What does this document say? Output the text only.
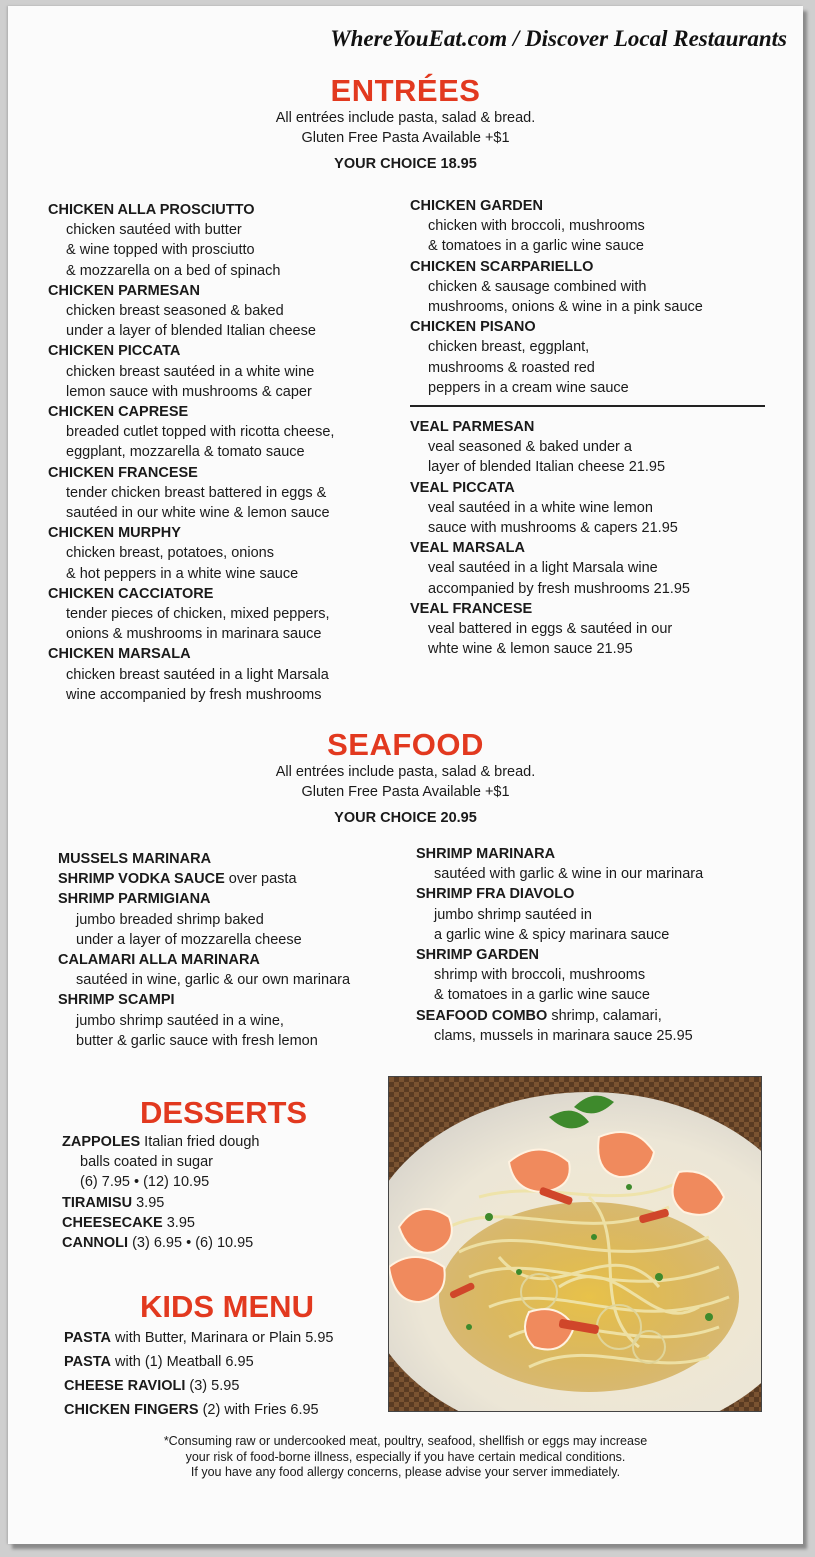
WhereYouEat.com / Discover Local Restaurants
ENTRÉES
All entrées include pasta, salad & bread.
Gluten Free Pasta Available +$1
YOUR CHOICE 18.95
CHICKEN ALLA PROSCIUTTO
chicken sautéed with butter
& wine topped with prosciutto
& mozzarella on a bed of spinach
CHICKEN PARMESAN
chicken breast seasoned & baked
under a layer of blended Italian cheese
CHICKEN PICCATA
chicken breast sautéed in a white wine
lemon sauce with mushrooms & caper
CHICKEN CAPRESE
breaded cutlet topped with ricotta cheese,
eggplant, mozzarella & tomato sauce
CHICKEN FRANCESE
tender chicken breast battered in eggs &
sautéed in our white wine & lemon sauce
CHICKEN MURPHY
chicken breast, potatoes, onions
& hot peppers in a white wine sauce
CHICKEN CACCIATORE
tender pieces of chicken, mixed peppers,
onions & mushrooms in marinara sauce
CHICKEN MARSALA
chicken breast sautéed in a light Marsala
wine accompanied by fresh mushrooms
CHICKEN GARDEN
chicken with broccoli, mushrooms
& tomatoes in a garlic wine sauce
CHICKEN SCARPARIELLO
chicken & sausage combined with
mushrooms, onions & wine in a pink sauce
CHICKEN PISANO
chicken breast, eggplant,
mushrooms & roasted red
peppers in a cream wine sauce
VEAL PARMESAN
veal seasoned & baked under a
layer of blended Italian cheese 21.95
VEAL PICCATA
veal sautéed in a white wine lemon
sauce with mushrooms & capers 21.95
VEAL MARSALA
veal sautéed in a light Marsala wine
accompanied by fresh mushrooms 21.95
VEAL FRANCESE
veal battered in eggs & sautéed in our
whte wine & lemon sauce 21.95
SEAFOOD
All entrées include pasta, salad & bread.
Gluten Free Pasta Available +$1
YOUR CHOICE 20.95
MUSSELS MARINARA
SHRIMP VODKA SAUCE over pasta
SHRIMP PARMIGIANA
jumbo breaded shrimp baked
under a layer of mozzarella cheese
CALAMARI ALLA MARINARA
sautéed in wine, garlic & our own marinara
SHRIMP SCAMPI
jumbo shrimp sautéed in a wine,
butter & garlic sauce with fresh lemon
SHRIMP MARINARA
sautéed with garlic & wine in our marinara
SHRIMP FRA DIAVOLO
jumbo shrimp sautéed in
a garlic wine & spicy marinara sauce
SHRIMP GARDEN
shrimp with broccoli, mushrooms
& tomatoes in a garlic wine sauce
SEAFOOD COMBO shrimp, calamari,
clams, mussels in marinara sauce 25.95
DESSERTS
ZAPPOLES Italian fried dough
balls coated in sugar
(6) 7.95 • (12) 10.95
TIRAMISU 3.95
CHEESECAKE 3.95
CANNOLI (3) 6.95 • (6) 10.95
KIDS MENU
PASTA with Butter, Marinara or Plain 5.95
PASTA with (1) Meatball 6.95
CHEESE RAVIOLI (3) 5.95
CHICKEN FINGERS (2) with Fries 6.95
*Consuming raw or undercooked meat, poultry, seafood, shellfish or eggs may increase
your risk of food-borne illness, especially if you have certain medical conditions.
If you have any food allergy concerns, please advise your server immediately.
